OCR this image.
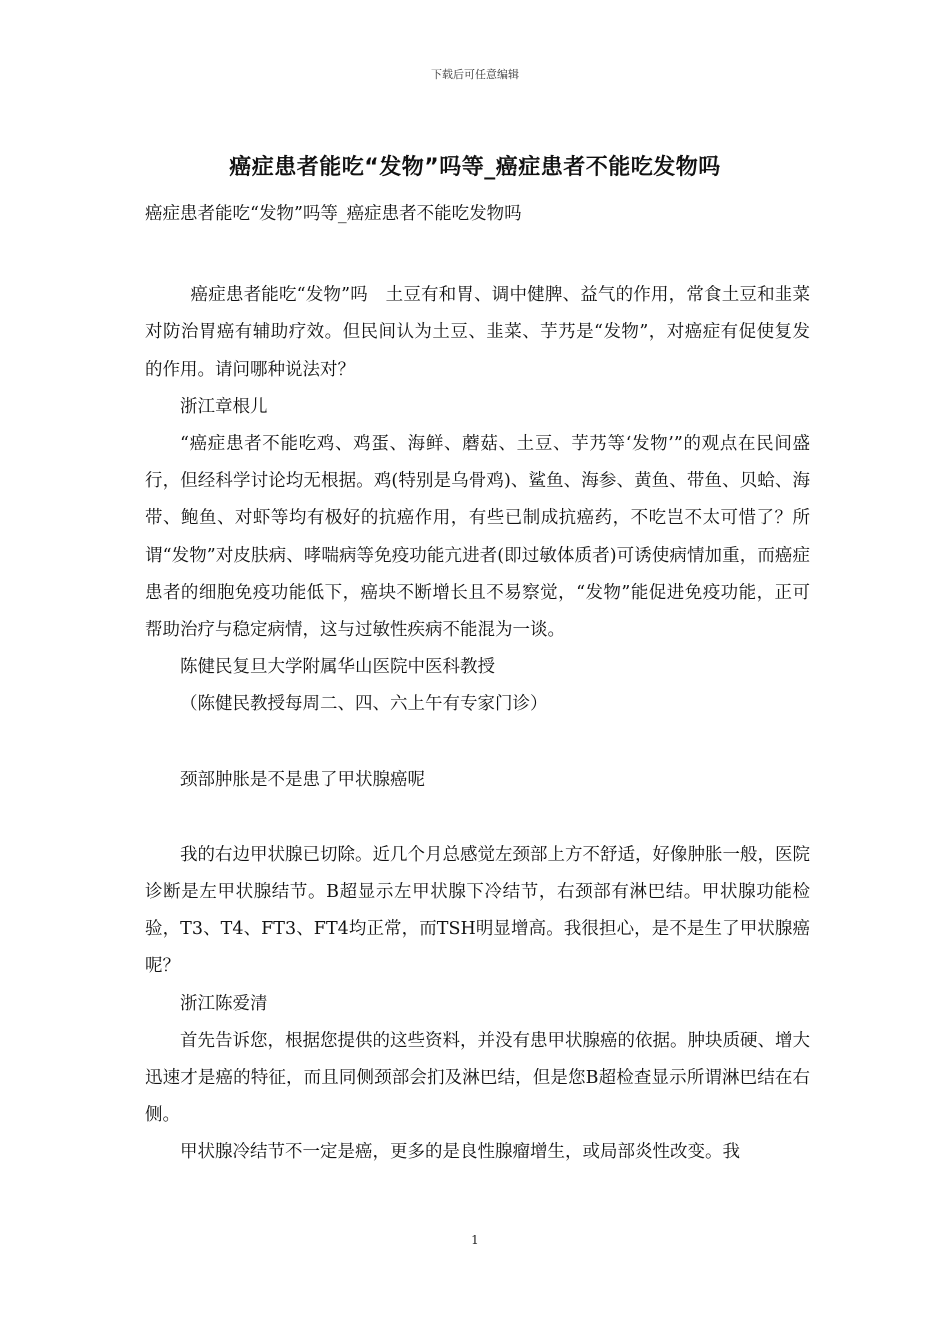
下载后可任意编辑
癌症患者能吃“发物”吗等_癌症患者不能吃发物吗

癌症患者能吃“发物”吗等_癌症患者不能吃发物吗

癌症患者能吃“发物”吗　土豆有和胃、调中健脾、益气的作用，常食土豆和韭菜对防治胃癌有辅助疗效。但民间认为土豆、韭菜、芋艿是“发物”，对癌症有促使复发的作用。请问哪种说法对？

浙江章根儿

“癌症患者不能吃鸡、鸡蛋、海鲜、蘑菇、土豆、芋艿等‘发物’”的观点在民间盛行，但经科学讨论均无根据。鸡(特别是乌骨鸡)、鲨鱼、海参、黄鱼、带鱼、贝蛤、海带、鲍鱼、对虾等均有极好的抗癌作用，有些已制成抗癌药，不吃岂不太可惜了？所谓“发物”对皮肤病、哮喘病等免疫功能亢进者(即过敏体质者)可诱使病情加重，而癌症患者的细胞免疫功能低下，癌块不断增长且不易察觉，“发物”能促进免疫功能，正可帮助治疗与稳定病情，这与过敏性疾病不能混为一谈。

陈健民复旦大学附属华山医院中医科教授

（陈健民教授每周二、四、六上午有专家门诊）

颈部肿胀是不是患了甲状腺癌呢

我的右边甲状腺已切除。近几个月总感觉左颈部上方不舒适，好像肿胀一般，医院诊断是左甲状腺结节。B超显示左甲状腺下冷结节，右颈部有淋巴结。甲状腺功能检验，T3、T4、FT3、FT4均正常，而TSH明显增高。我很担心，是不是生了甲状腺癌呢？

浙江陈爱清

首先告诉您，根据您提供的这些资料，并没有患甲状腺癌的依据。肿块质硬、增大迅速才是癌的特征，而且同侧颈部会扪及淋巴结，但是您B超检查显示所谓淋巴结在右侧。

甲状腺冷结节不一定是癌，更多的是良性腺瘤增生，或局部炎性改变。我

1
